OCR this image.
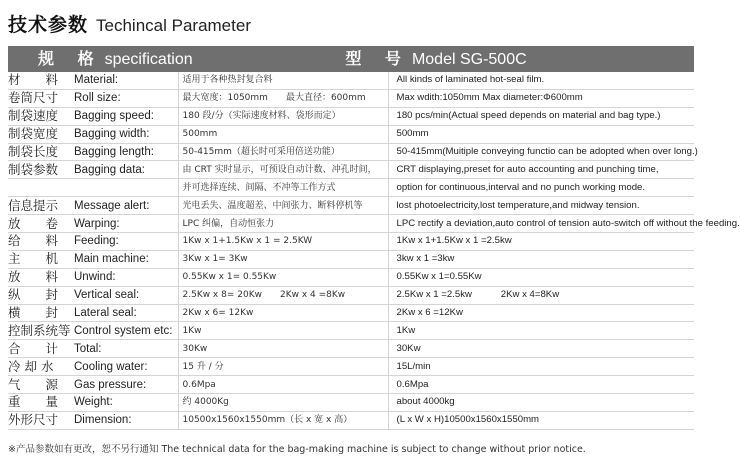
技术参数 Techincal Parameter
规 格 specification		型 号 Model SG-500C	
材　　料	Material:	适用于各种热封复合料	All kinds of laminated hot-seal film.
卷筒尺寸	Roll size:	最大宽度：1050mm　　最大直径：600mm	Max wdith:1050mm Max diameter:Φ600mm
制袋速度	Bagging speed:	180 段/分（实际速度材料、袋形而定）	180 pcs/min(Actual speed depends on material and bag type.)
制袋宽度	Bagging width:	500mm	500mm
制袋长度	Bagging length:	50-415mm（超长时可采用倍送功能）	50-415mm(Muitiple conveying functio can be adopted when over long.)
制袋参数	Bagging data:	由 CRT 实时显示，可预设自动计数、冲孔时间，	CRT displaying,preset for auto accounting and punching time,
		并可选择连续、间隔、不冲等工作方式	option for continuous,interval and no punch working mode.
信息提示	Message alert:	光电丢失、温度超差、中间张力、断料停机等	lost photoelectricity,lost temperature,and midway tension.
放　　卷	Warping:	LPC 纠偏，自动恒张力	LPC rectify a deviation,auto control of tension auto-switch off without the feeding.
给　　料	Feeding:	1Kw x 1+1.5Kw x 1 = 2.5KW	1Kw x 1+1.5Kw x 1 =2.5kw
主　　机	Main machine:	3Kw x 1= 3Kw	3kw x 1 =3kw
放　　料	Unwind:	0.55Kw x 1= 0.55Kw	0.55Kw x 1=0.55Kw
纵　　封	Vertical seal:	2.5Kw x 8= 20Kw　　2Kw x 4 =8Kw	2.5Kw x 1 =2.5kw　　　2Kw x 4=8Kw
横　　封	Lateral seal:	2Kw x 6= 12Kw	2Kw x 6 =12Kw
控制系统等	Control system etc:	1Kw	1Kw
合　　计	Total:	30Kw	30Kw
冷 却 水	Cooling water:	15 升 / 分	15L/min
气　　源	Gas pressure:	0.6Mpa	0.6Mpa
重　　量	Weight:	约 4000Kg	about 4000kg
外形尺寸	Dimension:	10500x1560x1550mm（长 x 宽 x 高）	(L x W x H)10500x1560x1550mm
※产品参数如有更改，恕不另行通知 The technical data for the bag-making machine is subject to change without prior notice.
